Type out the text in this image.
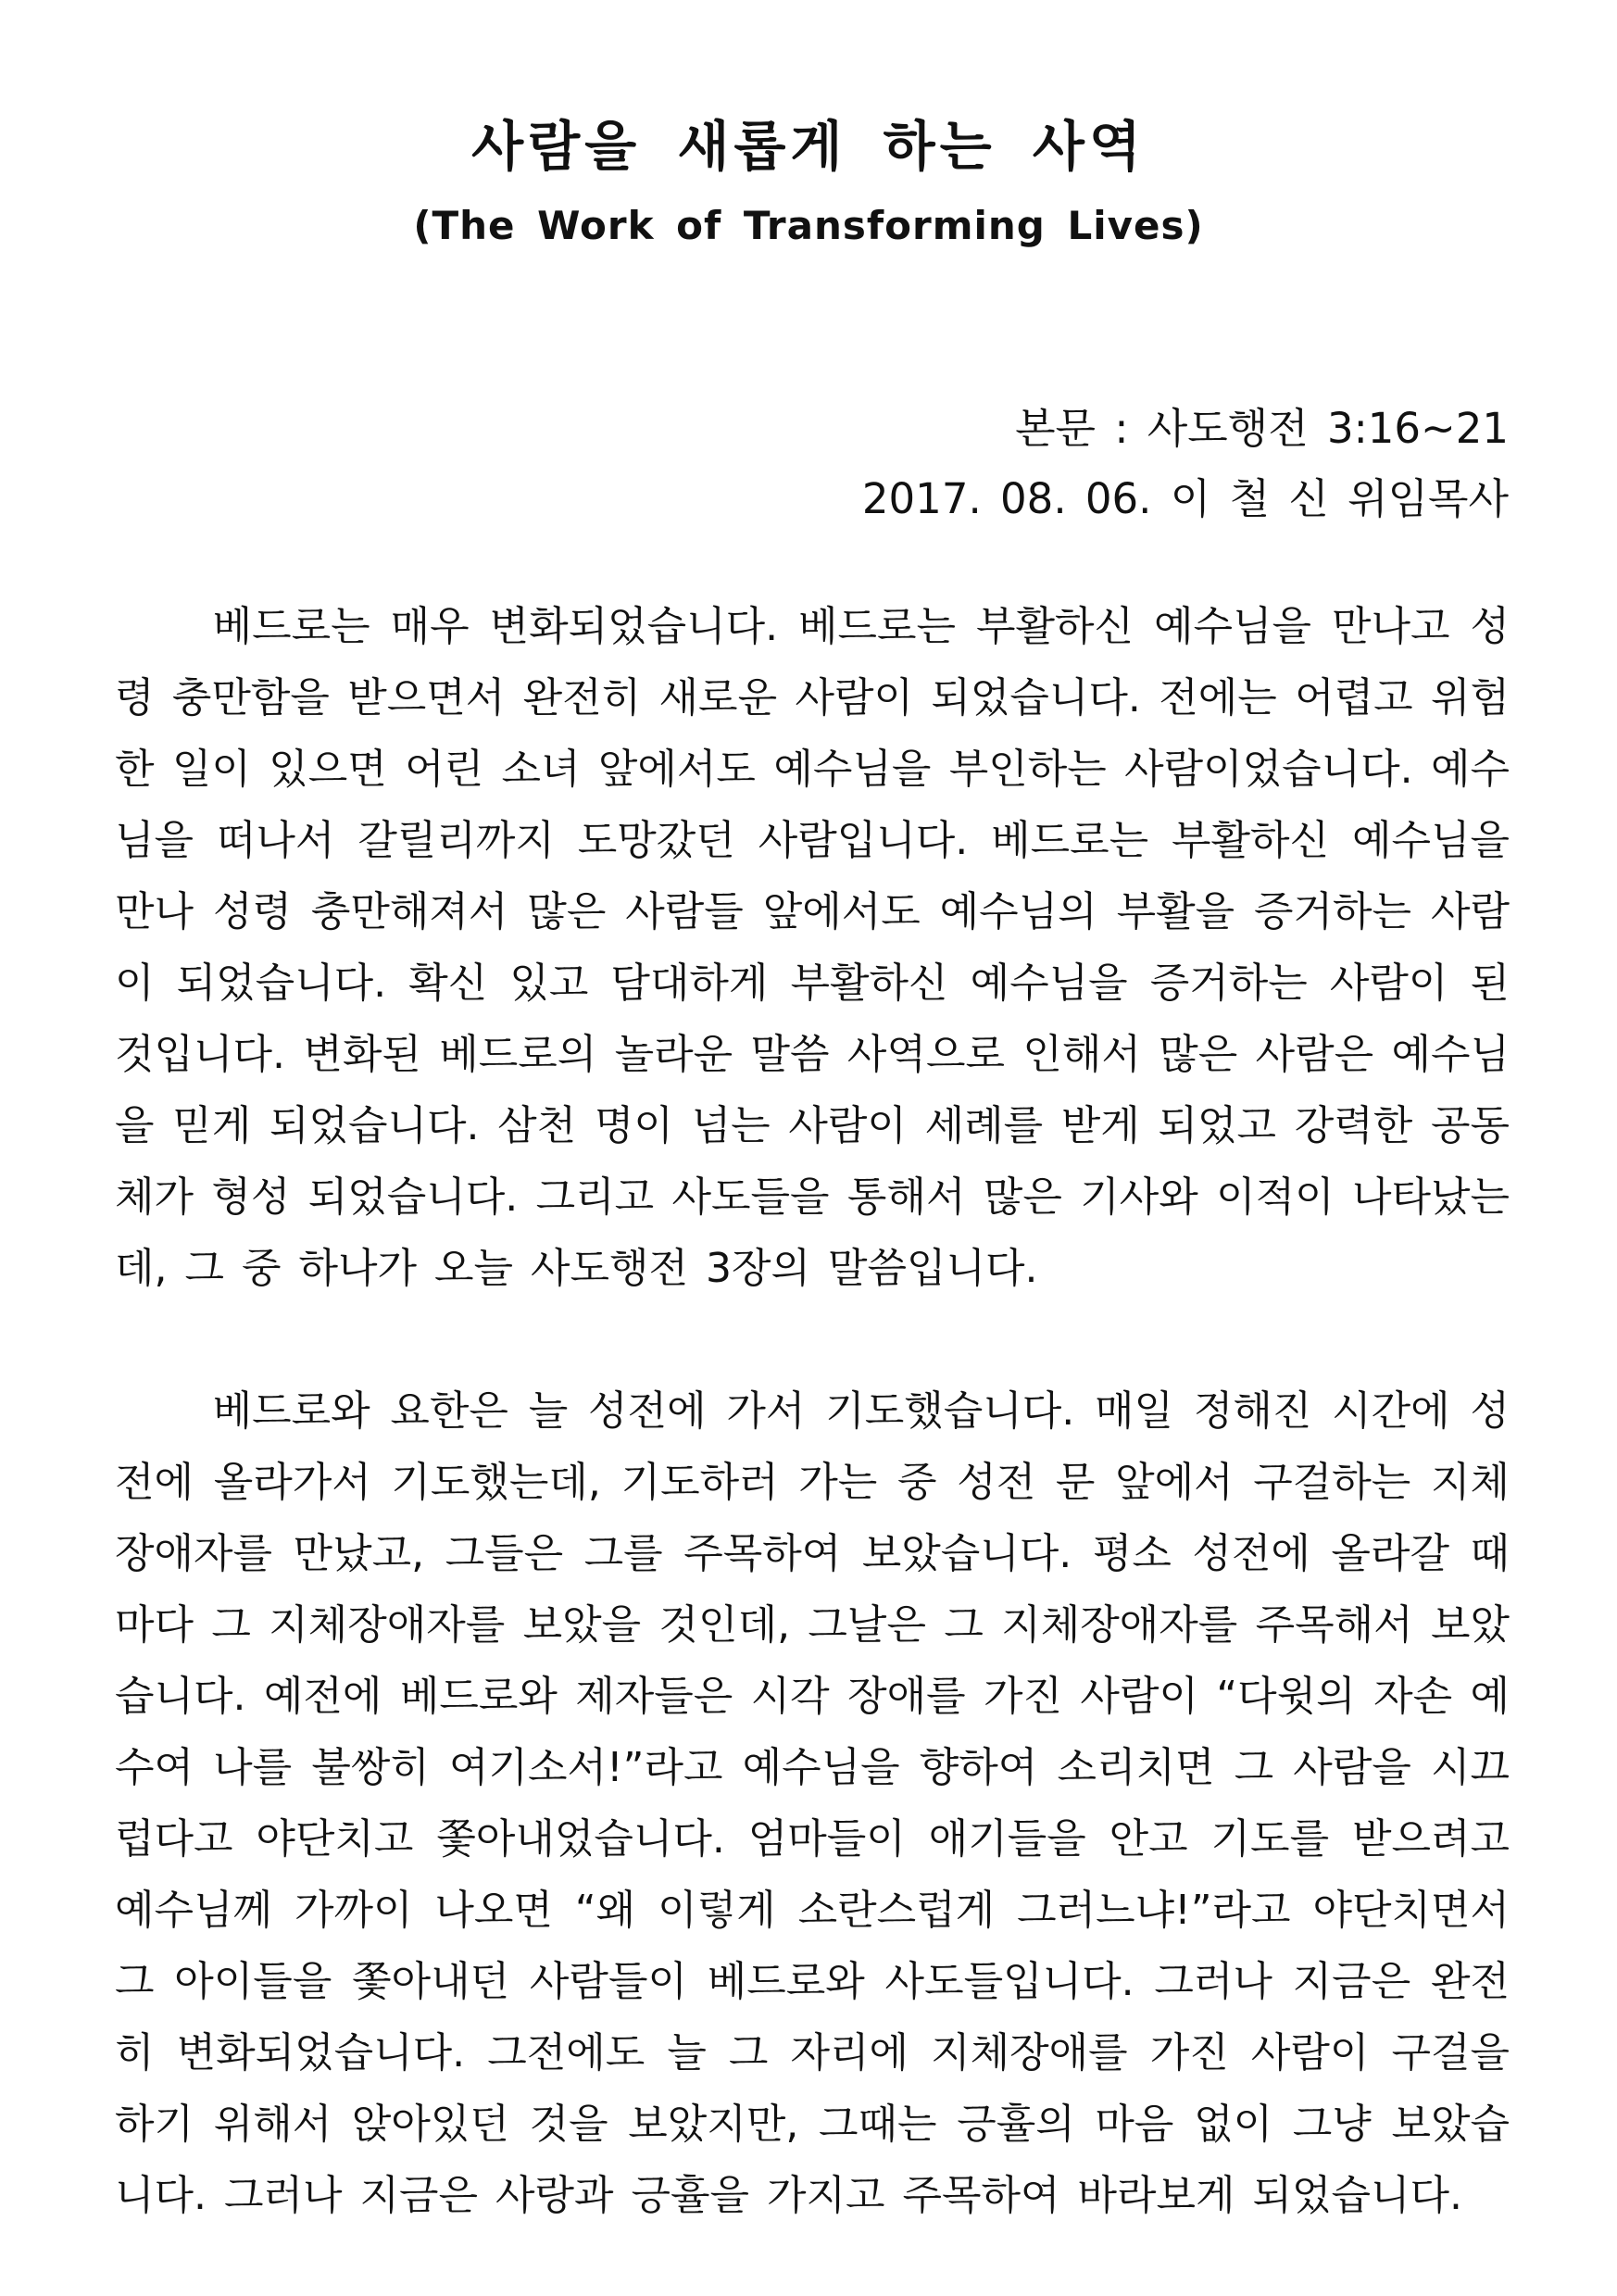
사람을 새롭게 하는 사역
(The Work of Transforming Lives)
본문 : 사도행전 3:16~21
2017. 08. 06. 이 철 신 위임목사

베드로는 매우 변화되었습니다. 베드로는 부활하신 예수님을 만나고 성령 충만함을 받으면서 완전히 새로운 사람이 되었습니다. 전에는 어렵고 위험한 일이 있으면 어린 소녀 앞에서도 예수님을 부인하는 사람이었습니다. 예수님을 떠나서 갈릴리까지 도망갔던 사람입니다. 베드로는 부활하신 예수님을 만나 성령 충만해져서 많은 사람들 앞에서도 예수님의 부활을 증거하는 사람이 되었습니다. 확신 있고 담대하게 부활하신 예수님을 증거하는 사람이 된 것입니다. 변화된 베드로의 놀라운 말씀 사역으로 인해서 많은 사람은 예수님을 믿게 되었습니다. 삼천 명이 넘는 사람이 세례를 받게 되었고 강력한 공동체가 형성 되었습니다. 그리고 사도들을 통해서 많은 기사와 이적이 나타났는데, 그 중 하나가 오늘 사도행전 3장의 말씀입니다.

베드로와 요한은 늘 성전에 가서 기도했습니다. 매일 정해진 시간에 성전에 올라가서 기도했는데, 기도하러 가는 중 성전 문 앞에서 구걸하는 지체장애자를 만났고, 그들은 그를 주목하여 보았습니다. 평소 성전에 올라갈 때마다 그 지체장애자를 보았을 것인데, 그날은 그 지체장애자를 주목해서 보았습니다. 예전에 베드로와 제자들은 시각 장애를 가진 사람이 “다윗의 자손 예수여 나를 불쌍히 여기소서!”라고 예수님을 향하여 소리치면 그 사람을 시끄럽다고 야단치고 쫓아내었습니다. 엄마들이 애기들을 안고 기도를 받으려고 예수님께 가까이 나오면 “왜 이렇게 소란스럽게 그러느냐!”라고 야단치면서 그 아이들을 쫓아내던 사람들이 베드로와 사도들입니다. 그러나 지금은 완전히 변화되었습니다. 그전에도 늘 그 자리에 지체장애를 가진 사람이 구걸을 하기 위해서 앉아있던 것을 보았지만, 그때는 긍휼의 마음 없이 그냥 보았습니다. 그러나 지금은 사랑과 긍휼을 가지고 주목하여 바라보게 되었습니다.
